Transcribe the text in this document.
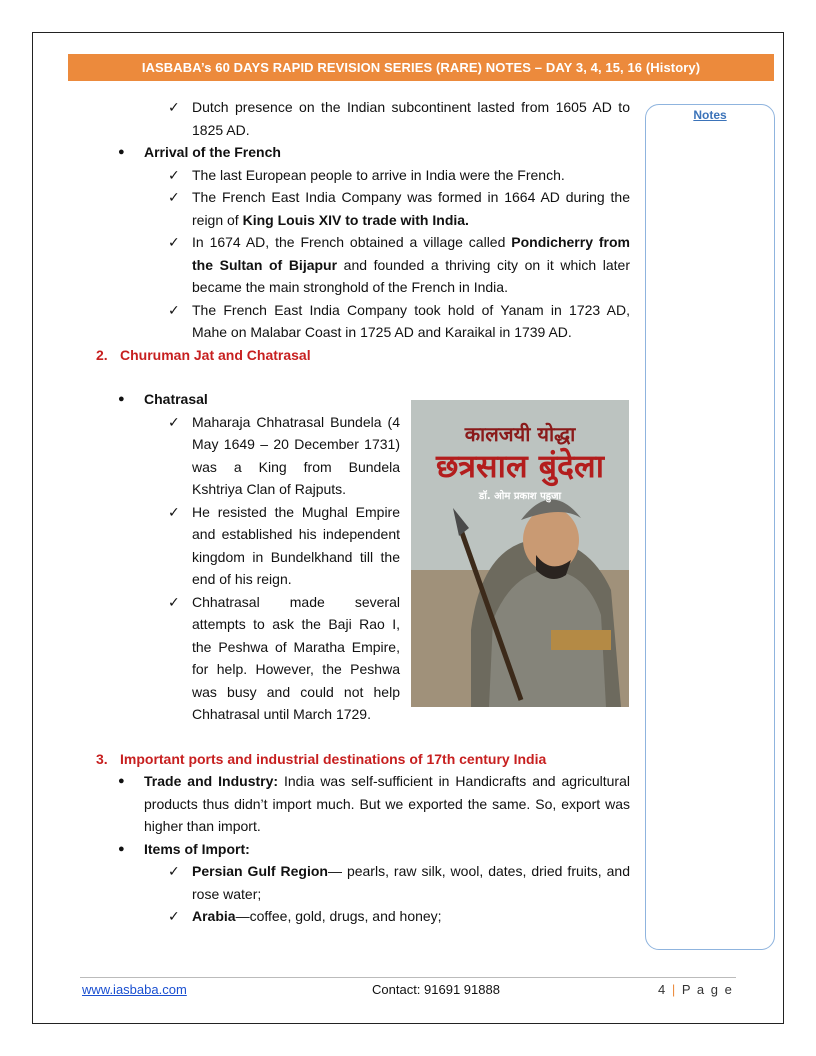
IASBABA’s 60 DAYS RAPID REVISION SERIES (RARE) NOTES – DAY 3, 4, 15, 16 (History)
Notes
✓ Dutch presence on the Indian subcontinent lasted from 1605 AD to 1825 AD.
● Arrival of the French
✓ The last European people to arrive in India were the French.
✓ The French East India Company was formed in 1664 AD during the reign of King Louis XIV to trade with India.
✓ In 1674 AD, the French obtained a village called Pondicherry from the Sultan of Bijapur and founded a thriving city on it which later became the main stronghold of the French in India.
✓ The French East India Company took hold of Yanam in 1723 AD, Mahe on Malabar Coast in 1725 AD and Karaikal in 1739 AD.
2. Churuman Jat and Chatrasal
● Chatrasal
✓ Maharaja Chhatrasal Bundela (4 May 1649 – 20 December 1731) was a King from Bundela Kshtriya Clan of Rajputs.
✓ He resisted the Mughal Empire and established his independent kingdom in Bundelkhand till the end of his reign.
✓ Chhatrasal made several attempts to ask the Baji Rao I, the Peshwa of Maratha Empire, for help. However, the Peshwa was busy and could not help Chhatrasal until March 1729.
3. Important ports and industrial destinations of 17th century India
● Trade and Industry: India was self-sufficient in Handicrafts and agricultural products thus didn’t import much. But we exported the same. So, export was higher than import.
● Items of Import:
✓ Persian Gulf Region— pearls, raw silk, wool, dates, dried fruits, and rose water;
✓ Arabia—coffee, gold, drugs, and honey;
कालजयी योद्धा
छत्रसाल बुंदेला
डॉ. ओम प्रकाश पहुजा
www.iasbaba.com	Contact: 91691 91888	4 | P a g e
